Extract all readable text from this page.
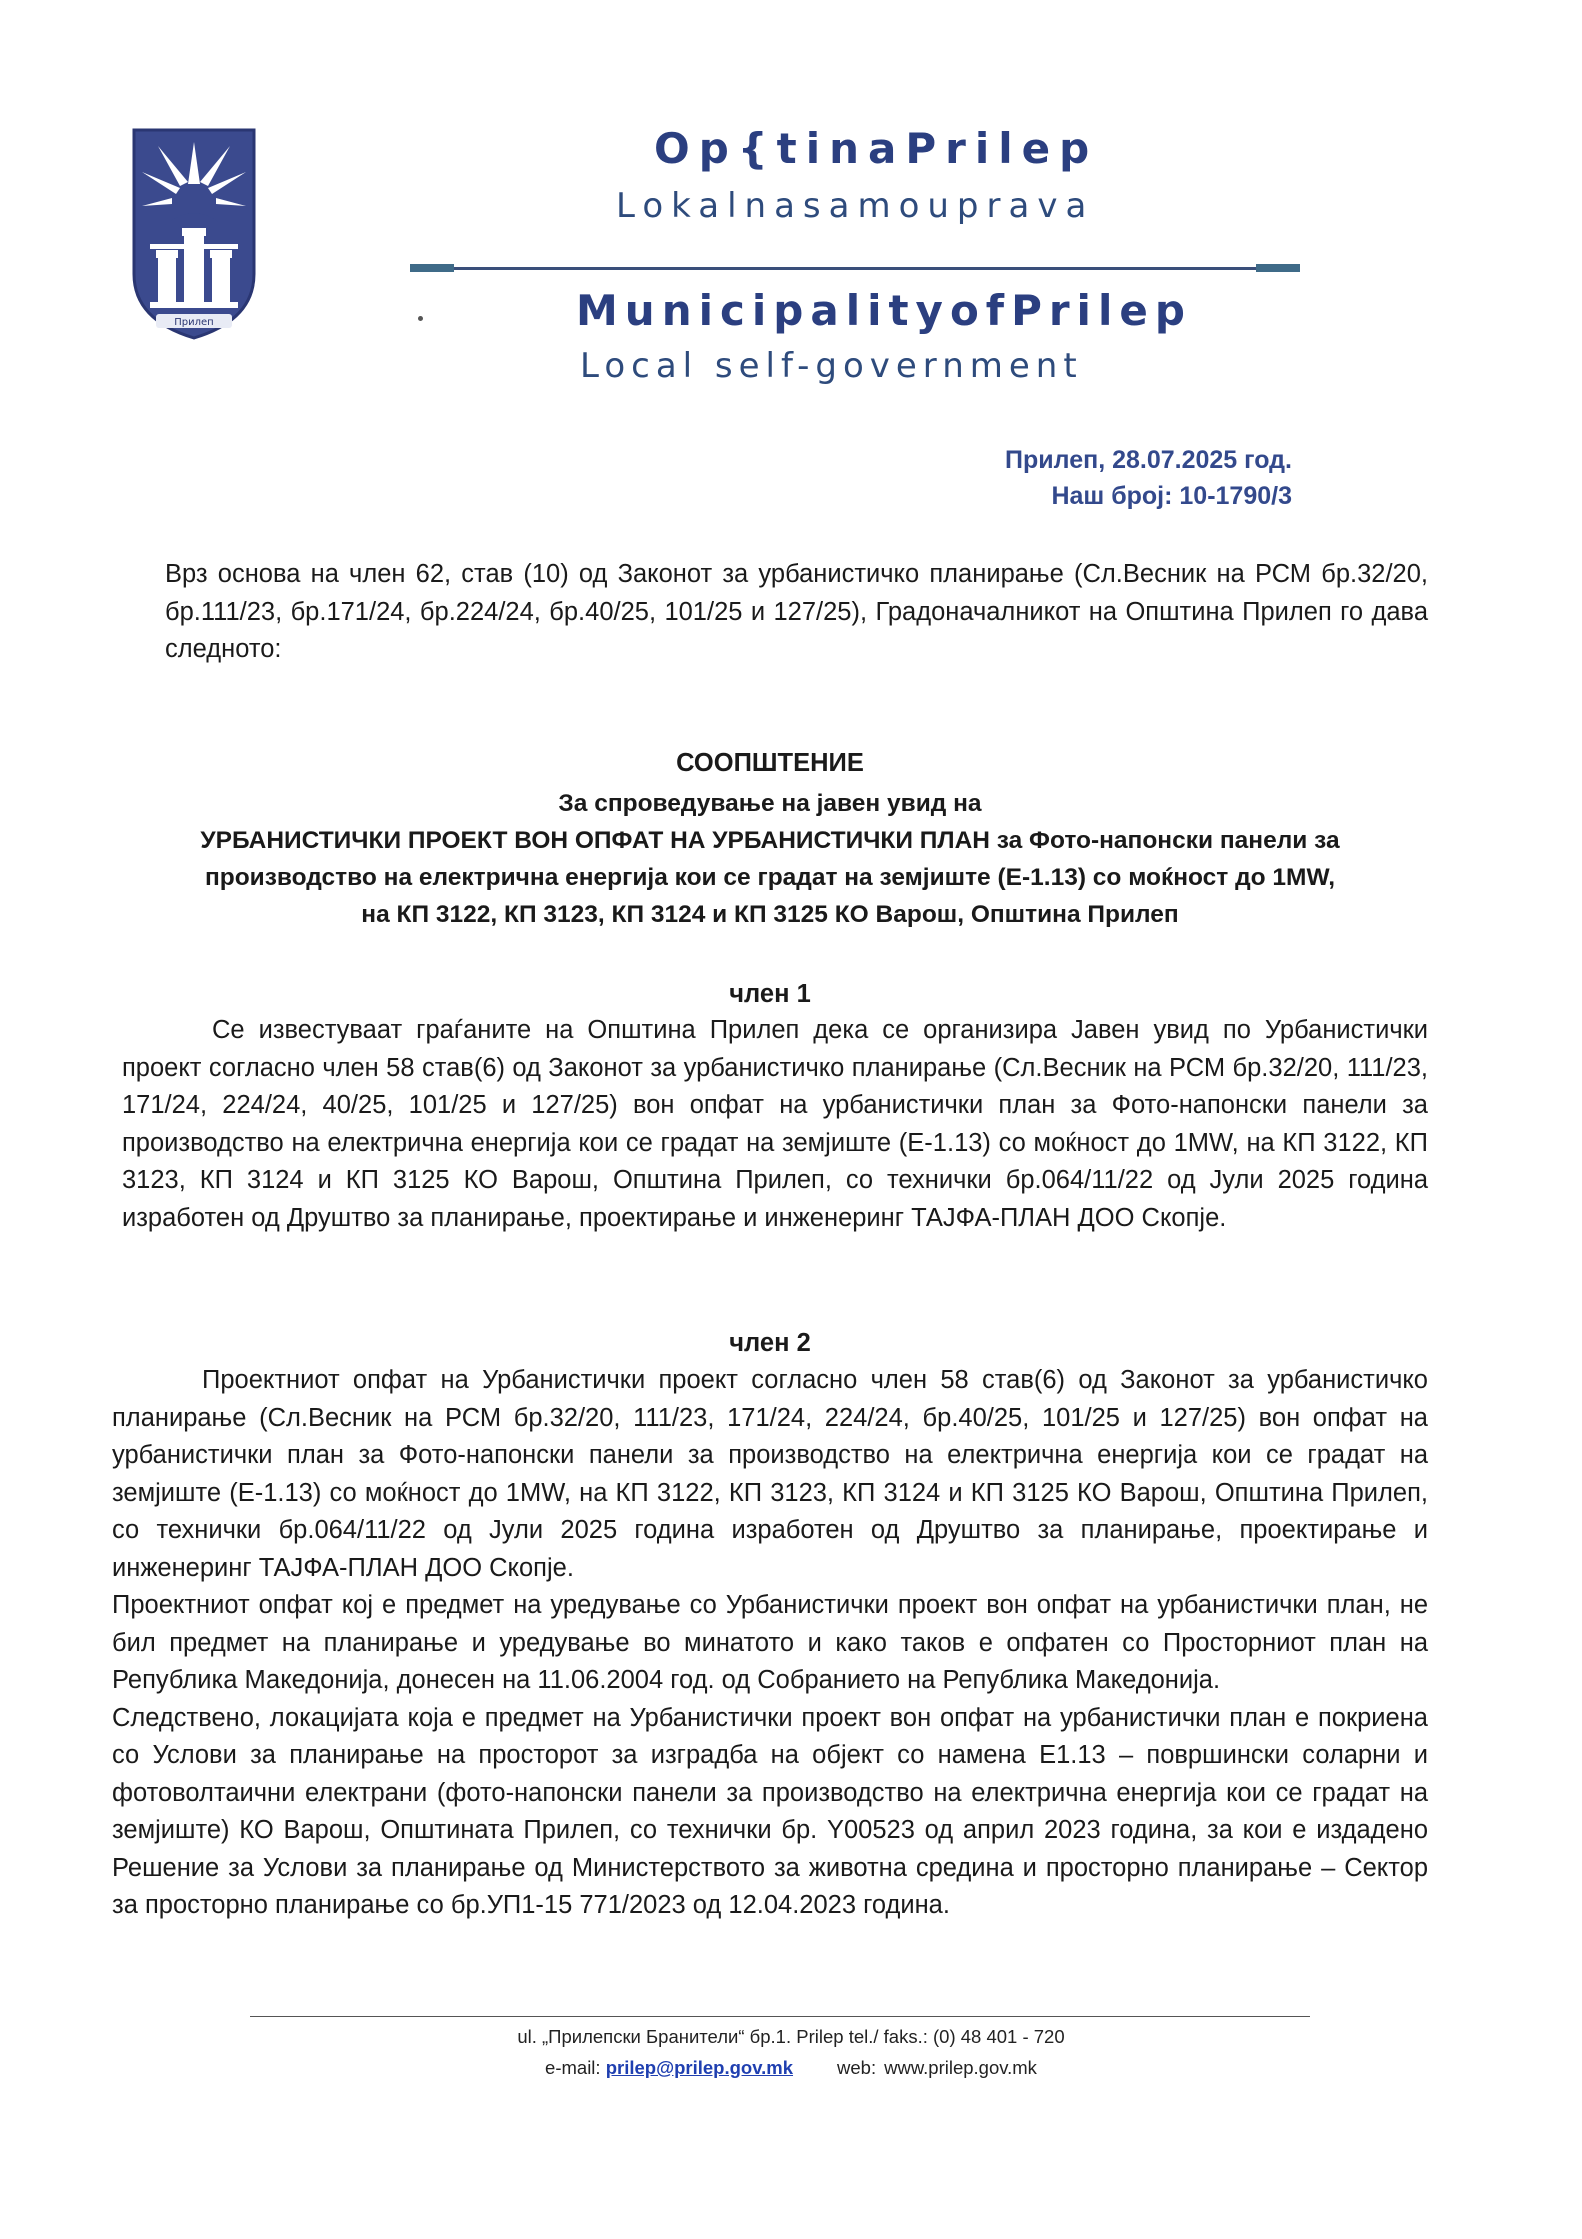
Прилеп
Op{tinaPrilep
Lokalnasamouprava
MunicipalityofPrilep
Local self-government
Прилеп, 28.07.2025 год.
Наш број: 10-1790/3

Врз основа на член 62, став (10) од Законот за урбанистичко планирање (Сл.Весник на РСМ бр.32/20, бр.111/23, бр.171/24, бр.224/24, бр.40/25, 101/25 и 127/25), Градоначалникот на Општина Прилеп го дава следното:

СООПШТЕНИЕ
За спроведување на јавен увид на
УРБАНИСТИЧКИ ПРОЕКТ ВОН ОПФАТ НА УРБАНИСТИЧКИ ПЛАН за Фото-напонски панели за
производство на електрична енергија кои се градат на земјиште (Е-1.13) со моќност до 1MW,
на КП 3122, КП 3123, КП 3124 и КП 3125 КО Варош, Општина Прилеп
член 1

Се известуваат граѓаните на Општина Прилеп дека се организира Јавен увид по Урбанистички проект согласно член 58 став(6) од Законот за урбанистичко планирање (Сл.Весник на РСМ бр.32/20, 111/23, 171/24, 224/24, 40/25, 101/25 и 127/25) вон опфат на урбанистички план за Фото-напонски панели за производство на електрична енергија кои се градат на земјиште (Е-1.13) со моќност до 1MW, на КП 3122, КП 3123, КП 3124 и КП 3125 КО Варош, Општина Прилеп, со технички бр.064/11/22 од Јули 2025 година изработен од Друштво за планирање, проектирање и инженеринг ТАЈФА-ПЛАН ДОО Скопје.

член 2

Проектниот опфат на Урбанистички проект согласно член 58 став(6) од Законот за урбанистичко планирање (Сл.Весник на РСМ бр.32/20, 111/23, 171/24, 224/24, бр.40/25, 101/25 и 127/25) вон опфат на урбанистички план за Фото-напонски панели за производство на електрична енергија кои се градат на земјиште (Е-1.13) со моќност до 1MW, на КП 3122, КП 3123, КП 3124 и КП 3125 КО Варош, Општина Прилеп, со технички бр.064/11/22 од Јули 2025 година изработен од Друштво за планирање, проектирање и инженеринг ТАЈФА-ПЛАН ДОО Скопје.

Проектниот опфат кој е предмет на уредување со Урбанистички проект вон опфат на урбанистички план, не бил предмет на планирање и уредување во минатото и како таков е опфатен со Просторниот план на Република Македонија, донесен на 11.06.2004 год. од Собранието на Република Македонија.

Следствено, локацијата која е предмет на Урбанистички проект вон опфат на урбанистички план е покриена со Услови за планирање на просторот за изградба на објект со намена Е1.13 – површински соларни и фотоволтаични електрани (фото-напонски панели за производство на електрична енергија кои се градат на земјиште) КО Варош, Општината Прилеп, со технички бр. Y00523 од април 2023 година, за кои е издадено Решение за Услови за планирање од Министерството за животна средина и просторно планирање – Сектор за просторно планирање со бр.УП1-15 771/2023 од 12.04.2023 година.

ul. „Прилепски Бранители“ бр.1. Prilep tel./ faks.: (0) 48 401 - 720
e-mail: prilep@prilep.gov.mk web: www.prilep.gov.mk
